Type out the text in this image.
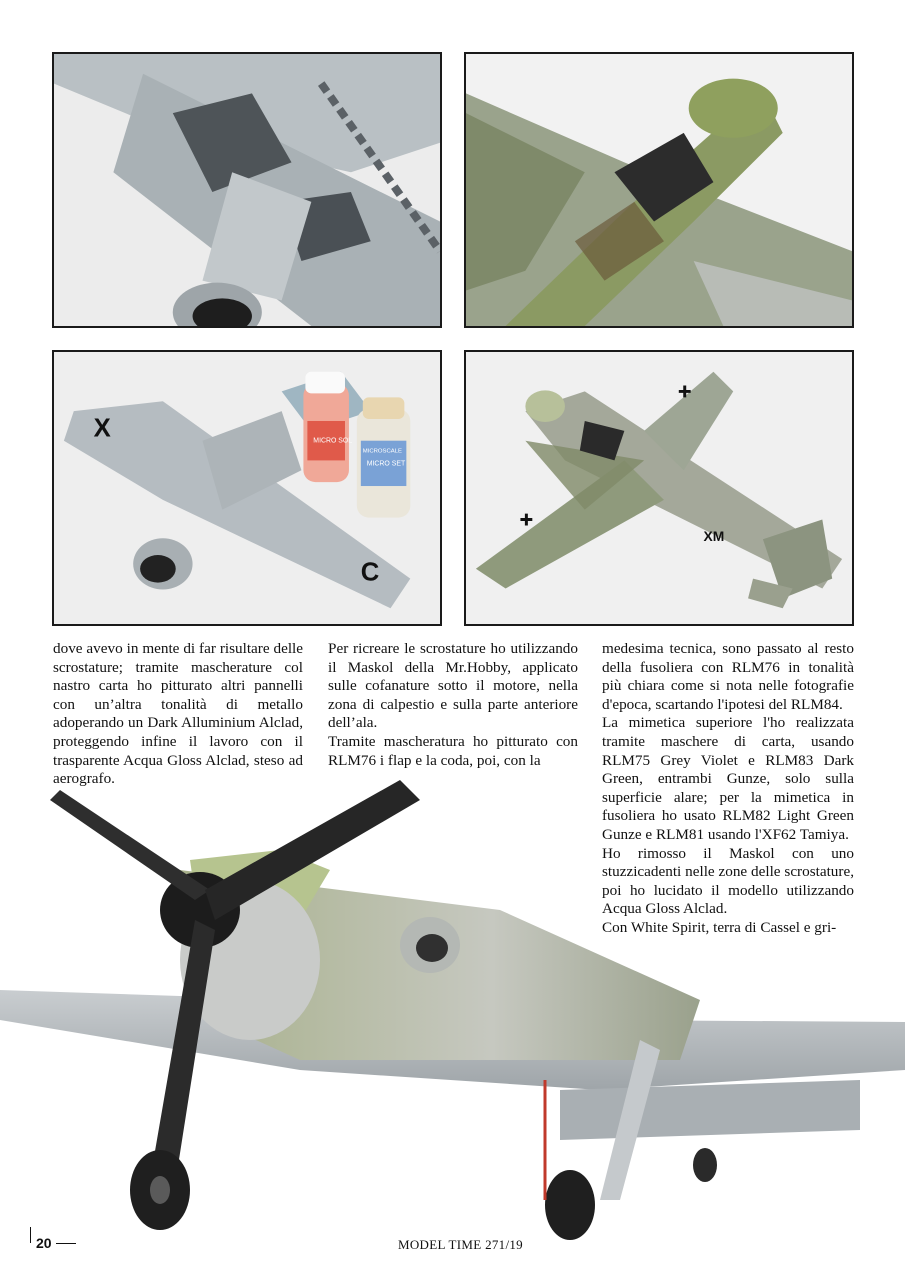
X
C
MICRO SOL
MICROSCALE
MICRO SET
XM

dove avevo in mente di far risultare delle scrostature; tramite mascherature col nastro carta ho pitturato altri pannelli con un’altra tonalità di metallo adoperando un Dark Alluminium Alclad, proteggendo infine il lavoro con il trasparente Acqua Gloss Alclad, steso ad aerografo.

Per ricreare le scrostature ho utilizzando il Maskol della Mr.Hobby, applicato sulle cofanature sotto il motore, nella zona di calpestio e sulla parte anteriore dell’ala.

Tramite mascheratura ho pitturato con RLM76 i flap e la coda, poi, con la

medesima tecnica, sono passato al resto della fusoliera con RLM76 in tonalità più chiara come si nota nelle fotografie d'epoca, scartando l'ipotesi del RLM84.

La mimetica superiore l'ho realizzata tramite maschere di carta, usando RLM75 Grey Violet e RLM83 Dark Green, entrambi Gunze, solo sulla superficie alare; per la mimetica in fusoliera ho usato RLM82 Light Green Gunze e RLM81 usando l'XF62 Tamiya.

Ho rimosso il Maskol con uno stuzzicadenti nelle zone delle scrostature, poi ho lucidato il modello utilizzando Acqua Gloss Alclad.

Con White Spirit, terra di Cassel e gri-

20	MODEL TIME 271/19
